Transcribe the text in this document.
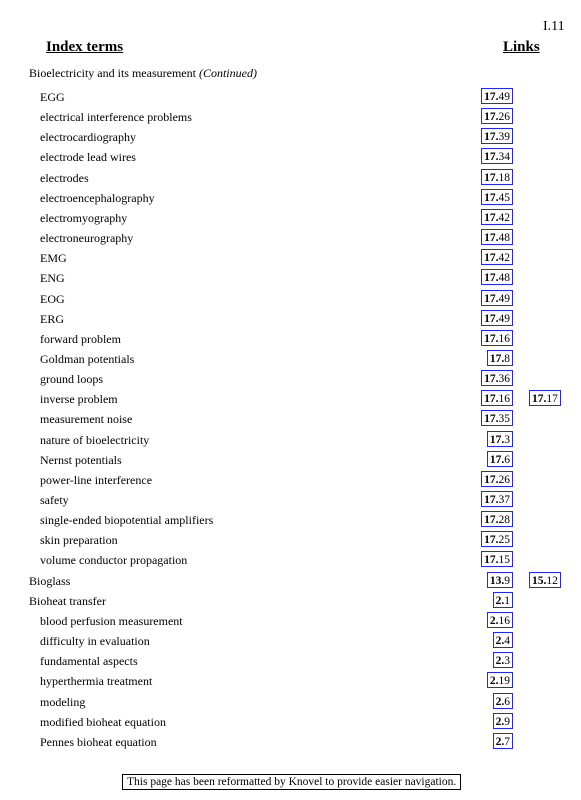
I.11
Index terms	Links
Bioelectricity and its measurement (Continued)
EGG	17.49
electrical interference problems	17.26
electrocardiography	17.39
electrode lead wires	17.34
electrodes	17.18
electroencephalography	17.45
electromyography	17.42
electroneurography	17.48
EMG	17.42
ENG	17.48
EOG	17.49
ERG	17.49
forward problem	17.16
Goldman potentials	17.8
ground loops	17.36
inverse problem	17.16 17.17
measurement noise	17.35
nature of bioelectricity	17.3
Nernst potentials	17.6
power-line interference	17.26
safety	17.37
single-ended biopotential amplifiers	17.28
skin preparation	17.25
volume conductor propagation	17.15
Bioglass	13.9 15.12
Bioheat transfer	2.1
blood perfusion measurement	2.16
difficulty in evaluation	2.4
fundamental aspects	2.3
hyperthermia treatment	2.19
modeling	2.6
modified bioheat equation	2.9
Pennes bioheat equation	2.7
This page has been reformatted by Knovel to provide easier navigation.
